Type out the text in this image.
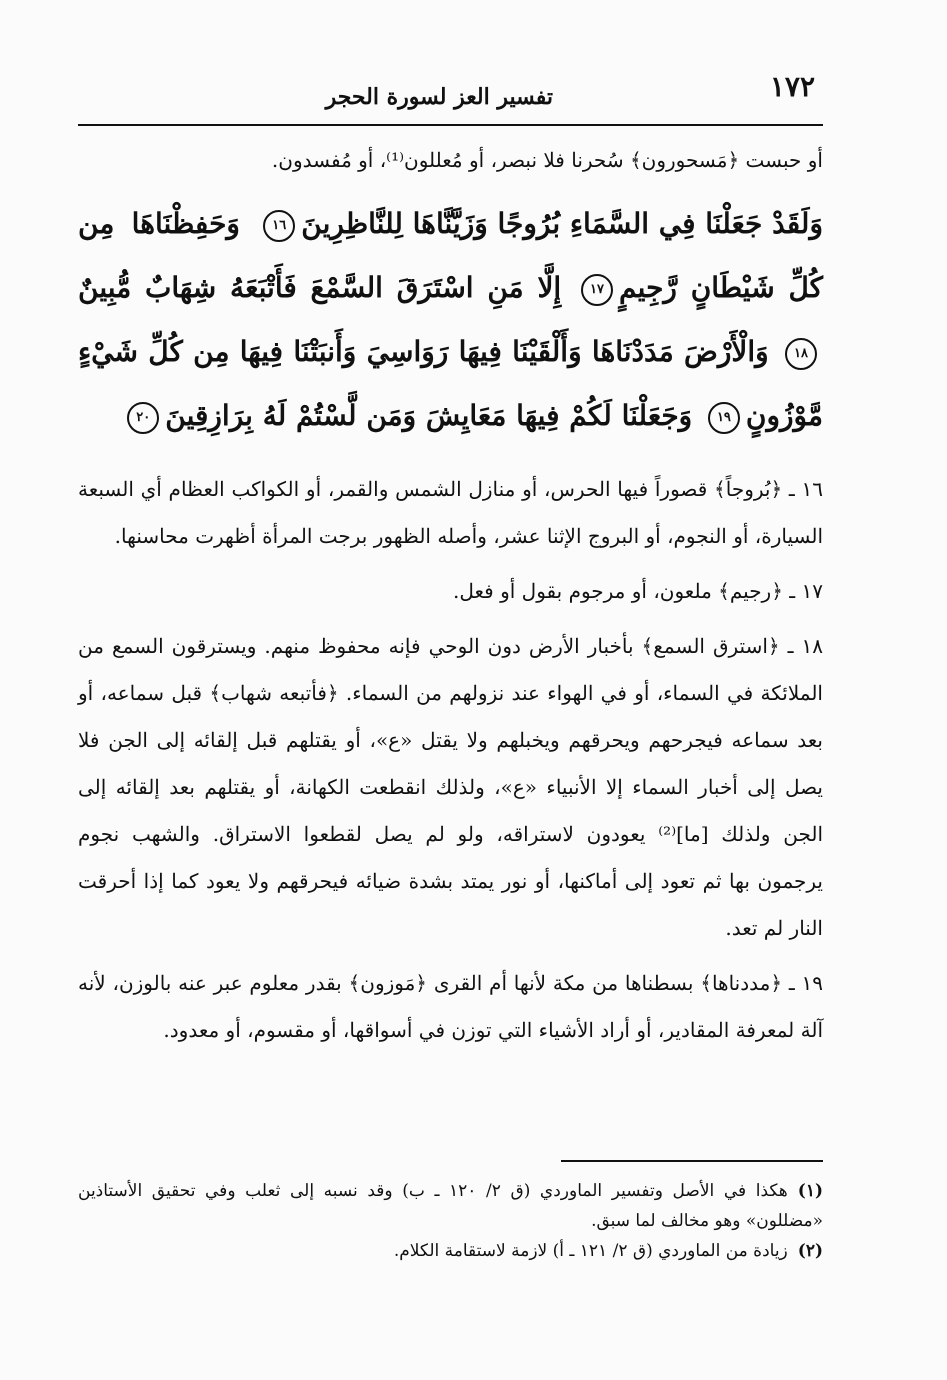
١٧٢
تفسير العز لسورة الحجر

أو حبست ﴿مَسحورون﴾ سُحرنا فلا نبصر، أو مُعللون⁽¹⁾، أو مُفسدون.

وَلَقَدْ جَعَلْنَا فِي السَّمَاءِ بُرُوجًا وَزَيَّنَّاهَا لِلنَّاظِرِينَ١٦ وَحَفِظْنَاهَا مِن كُلِّ شَيْطَانٍ رَّجِيمٍ١٧ إِلَّا مَنِ اسْتَرَقَ السَّمْعَ فَأَتْبَعَهُ شِهَابٌ مُّبِينٌ١٨ وَالْأَرْضَ مَدَدْنَاهَا وَأَلْقَيْنَا فِيهَا رَوَاسِيَ وَأَنبَتْنَا فِيهَا مِن كُلِّ شَيْءٍ مَّوْزُونٍ١٩ وَجَعَلْنَا لَكُمْ فِيهَا مَعَايِشَ وَمَن لَّسْتُمْ لَهُ بِرَازِقِينَ٢٠

١٦ ـ ﴿بُروجاً﴾ قصوراً فيها الحرس، أو منازل الشمس والقمر، أو الكواكب العظام أي السبعة السيارة، أو النجوم، أو البروج الإثنا عشر، وأصله الظهور برجت المرأة أظهرت محاسنها.

١٧ ـ ﴿رجيم﴾ ملعون، أو مرجوم بقول أو فعل.

١٨ ـ ﴿استرق السمع﴾ بأخبار الأرض دون الوحي فإنه محفوظ منهم. ويسترقون السمع من الملائكة في السماء، أو في الهواء عند نزولهم من السماء. ﴿فأتبعه شهاب﴾ قبل سماعه، أو بعد سماعه فيجرحهم ويحرقهم ويخبلهم ولا يقتل «ع»، أو يقتلهم قبل إلقائه إلى الجن فلا يصل إلى أخبار السماء إلا الأنبياء «ع»، ولذلك انقطعت الكهانة، أو يقتلهم بعد إلقائه إلى الجن ولذلك [ما]⁽²⁾ يعودون لاستراقه، ولو لم يصل لقطعوا الاستراق. والشهب نجوم يرجمون بها ثم تعود إلى أماكنها، أو نور يمتد بشدة ضيائه فيحرقهم ولا يعود كما إذا أحرقت النار لم تعد.

١٩ ـ ﴿مددناها﴾ بسطناها من مكة لأنها أم القرى ﴿مَوزون﴾ بقدر معلوم عبر عنه بالوزن، لأنه آلة لمعرفة المقادير، أو أراد الأشياء التي توزن في أسواقها، أو مقسوم، أو معدود.

(١)هكذا في الأصل وتفسير الماوردي (ق ٢/ ١٢٠ ـ ب) وقد نسبه إلى ثعلب وفي تحقيق الأستاذين «مضللون» وهو مخالف لما سبق.

(٢)زيادة من الماوردي (ق ٢/ ١٢١ ـ أ) لازمة لاستقامة الكلام.
